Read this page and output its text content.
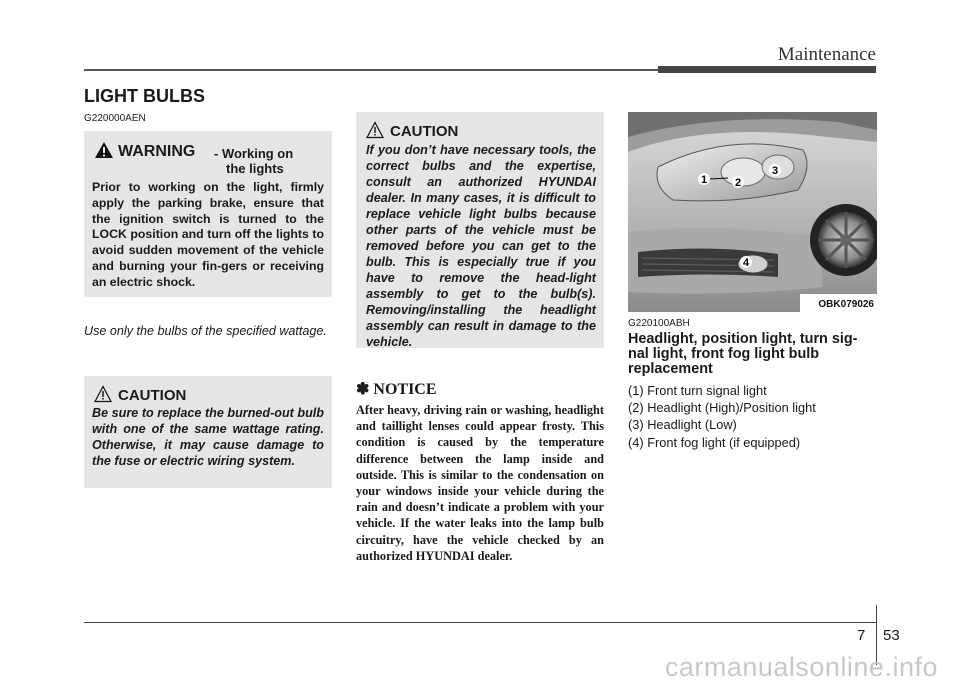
Maintenance
LIGHT BULBS
G220000AEN
WARNING - Working on
the lights
Prior to working on the light, firmly apply the parking brake, ensure that the ignition switch is turned to the LOCK position and turn off the lights to avoid sudden movement of the vehicle and burning your fin-gers or receiving an electric shock.
Use only the bulbs of the specified wattage.
CAUTION
Be sure to replace the burned-out bulb with one of the same wattage rating. Otherwise, it may cause damage to the fuse or electric wiring system.
CAUTION
If you don’t have necessary tools, the correct bulbs and the expertise, consult an authorized HYUNDAI dealer. In many cases, it is difficult to replace vehicle light bulbs because other parts of the vehicle must be removed before you can get to the bulb. This is especially true if you have to remove the head-light assembly to get to the bulb(s). Removing/installing the headlight assembly can result in damage to the vehicle.
✽ NOTICE
After heavy, driving rain or washing, headlight and taillight lenses could appear frosty. This condition is caused by the temperature difference between the lamp inside and outside. This is similar to the condensation on your windows inside your vehicle during the rain and doesn’t indicate a problem with your vehicle. If the water leaks into the lamp bulb circuitry, have the vehicle checked by an authorized HYUNDAI dealer.
1	2
3
4
OBK079026
G220100ABH
Headlight, position light, turn sig-nal light, front fog light bulb replacement
(1) Front turn signal light
(2) Headlight (High)/Position light
(3) Headlight (Low)
(4) Front fog light (if equipped)
7 53
carmanualsonline.info
